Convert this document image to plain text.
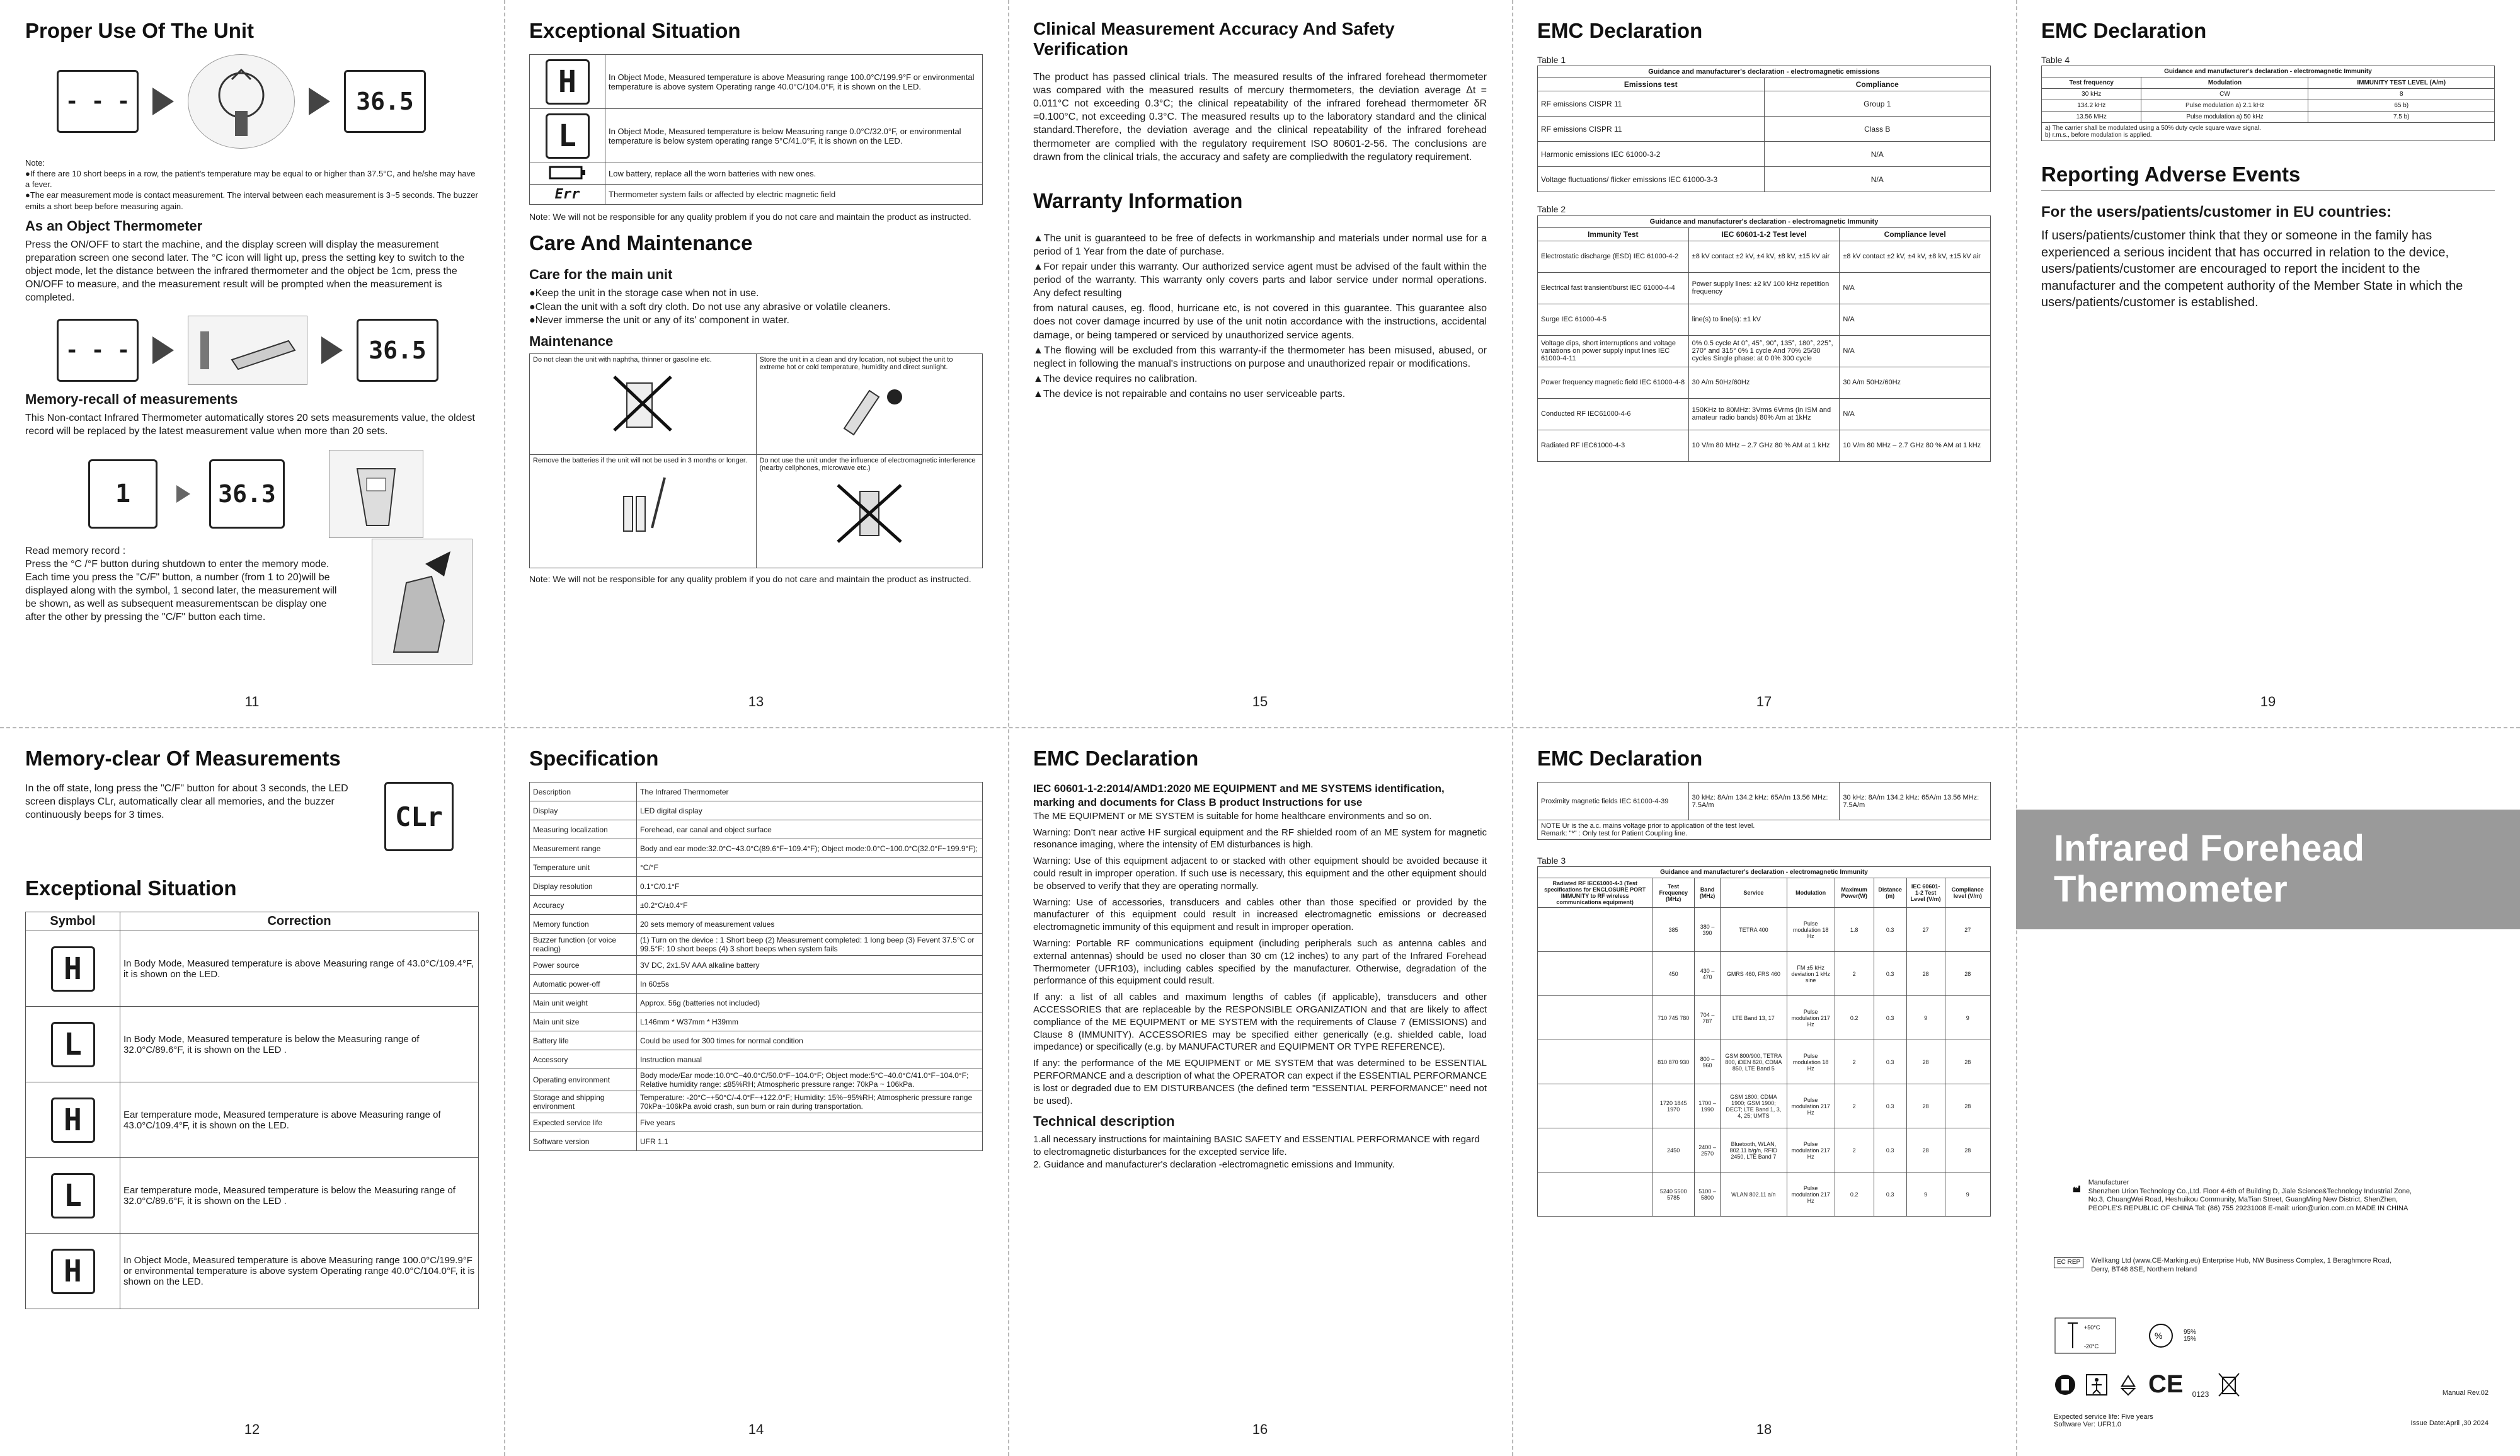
Proper Use Of The Unit
- - -	36.5

Note:

●If there are 10 short beeps in a row, the patient's temperature may be equal to or higher than 37.5°C, and he/she may have a fever.

●The ear measurement mode is contact measurement. The interval between each measurement is 3~5 seconds. The buzzer emits a short beep before measuring again.

As an Object Thermometer

Press the ON/OFF to start the machine, and the display screen will display the measurement preparation screen one second later. The °C icon will light up, press the setting key to switch to the object mode, let the distance between the infrared thermometer and the object be 1cm, press the ON/OFF to measure, and the measurement result will be prompted when the measurement is completed.

- - -	36.5
Memory-recall of measurements

This Non-contact Infrared Thermometer automatically stores 20 sets measurements value, the oldest record will be replaced by the latest measurement value when more than 20 sets.

1	36.3

Read memory record :

Press the °C /°F button during shutdown to enter the memory mode. Each time you press the "C/F" button, a number (from 1 to 20)will be displayed along with the symbol, 1 second later, the measurement will be shown, as well as subsequent measurementscan be display one after the other by pressing the "C/F" button each time.

11
Exceptional Situation
H	In Object Mode, Measured temperature is above Measuring range 100.0°C/199.9°F or environmental temperature is above system Operating range 40.0°C/104.0°F, it is shown on the LED.

L	In Object Mode, Measured temperature is below Measuring range 0.0°C/32.0°F, or environmental temperature is below system operating range 5°C/41.0°F, it is shown on the LED.
	Low battery, replace all the worn batteries with new ones.
Err	Thermometer system fails or affected by electric magnetic field

Note: We will not be responsible for any quality problem if you do not care and maintain the product as instructed.

Care And Maintenance
Care for the main unit

●Keep the unit in the storage case when not in use.

●Clean the unit with a soft dry cloth. Do not use any abrasive or volatile cleaners.

●Never immerse the unit or any of its' component in water.

Maintenance
Do not clean the unit with naphtha, thinner or gasoline etc.	Store the unit in a clean and dry location, not subject the unit to extreme hot or cold temperature, humidity and direct sunlight.

Remove the batteries if the unit will not be used in 3 months or longer.	Do not use the unit under the influence of electromagnetic interference (nearby cellphones, microwave etc.)

Note: We will not be responsible for any quality problem if you do not care and maintain the product as instructed.

13
Clinical Measurement Accuracy And Safety Verification

The product has passed clinical trials. The measured results of the infrared forehead thermometer was compared with the measured results of mercury thermometers, the deviation average Δt = 0.011°C not exceeding 0.3°C; the clinical repeatability of the infrared forehead thermometer δR =0.100°C, not exceeding 0.3°C. The measured results up to the laboratory standard and the clinical standard.Therefore, the deviation average and the clinical repeatability of the infrared forehead thermometer are complied with the regulatory requirement ISO 80601-2-56. The conclusions are drawn from the clinical trials, the accuracy and safety are compliedwith the regulatory requirement.

Warranty Information

▲The unit is guaranteed to be free of defects in workmanship and materials under normal use for a period of 1 Year from the date of purchase.

▲For repair under this warranty. Our authorized service agent must be advised of the fault within the period of the warranty. This warranty only covers parts and labor service under normal operations. Any defect resulting

from natural causes, eg. flood, hurricane etc, is not covered in this guarantee. This guarantee also does not cover damage incurred by use of the unit notin accordance with the instructions, accidental damage, or being tampered or serviced by unauthorized service agents.

▲The flowing will be excluded from this warranty-if the thermometer has been misused, abused, or neglect in following the manual's instructions on purpose and unauthorized repair or modifications.

▲The device requires no calibration.

▲The device is not repairable and contains no user serviceable parts.

15
EMC Declaration

Table 1

Guidance and manufacturer's declaration - electromagnetic emissions	
Emissions test	Compliance
RF emissions CISPR 11	Group 1
RF emissions CISPR 11	Class B
Harmonic emissions IEC 61000-3-2	N/A
Voltage fluctuations/ flicker emissions IEC 61000-3-3	N/A

Table 2

Guidance and manufacturer's declaration - electromagnetic Immunity		
Immunity Test	IEC 60601-1-2 Test level	Compliance level
Electrostatic discharge (ESD) IEC 61000-4-2	±8 kV contact ±2 kV, ±4 kV, ±8 kV, ±15 kV air	±8 kV contact ±2 kV, ±4 kV, ±8 kV, ±15 kV air
Electrical fast transient/burst IEC 61000-4-4	Power supply lines: ±2 kV 100 kHz repetition frequency	N/A
Surge IEC 61000-4-5	line(s) to line(s): ±1 kV	N/A
Voltage dips, short interruptions and voltage variations on power supply input lines IEC 61000-4-11	0% 0.5 cycle At 0°, 45°, 90°, 135°, 180°, 225°, 270° and 315° 0% 1 cycle And 70% 25/30 cycles Single phase: at 0 0% 300 cycle	N/A
Power frequency magnetic field IEC 61000-4-8	30 A/m 50Hz/60Hz	30 A/m 50Hz/60Hz
Conducted RF IEC61000-4-6	150KHz to 80MHz: 3Vrms 6Vrms (in ISM and amateur radio bands) 80% Am at 1kHz	N/A
Radiated RF IEC61000-4-3	10 V/m 80 MHz – 2.7 GHz 80 % AM at 1 kHz	10 V/m 80 MHz – 2.7 GHz 80 % AM at 1 kHz
17
EMC Declaration

Table 4

Guidance and manufacturer's declaration - electromagnetic Immunity		
Test frequency	Modulation	IMMUNITY TEST LEVEL (A/m)
30 kHz	CW	8
134.2 kHz	Pulse modulation a) 2.1 kHz	65 b)
13.56 MHz	Pulse modulation a) 50 kHz	7.5 b)

a) The carrier shall be modulated using a 50% duty cycle square wave signal.
b) r.m.s., before modulation is applied.		
Reporting Adverse Events
For the users/patients/customer in EU countries:

If users/patients/customer think that they or someone in the family has experienced a serious incident that has occurred in relation to the device, users/patients/customer are encouraged to report the incident to the manufacturer and the competent authority of the Member State in which the users/patients/customer is established.

19
Memory-clear Of Measurements

In the off state, long press the "C/F" button for about 3 seconds, the LED screen displays CLr, automatically clear all memories, and the buzzer continuously beeps for 3 times.	CLr
Exceptional Situation
Symbol	Correction

H	In Body Mode, Measured temperature is above Measuring range of 43.0°C/109.4°F, it is shown on the LED.

L	In Body Mode, Measured temperature is below the Measuring range of 32.0°C/89.6°F, it is shown on the LED .

H	Ear temperature mode, Measured temperature is above Measuring range of 43.0°C/109.4°F, it is shown on the LED.

L	Ear temperature mode, Measured temperature is below the Measuring range of 32.0°C/89.6°F, it is shown on the LED .

H	In Object Mode, Measured temperature is above Measuring range 100.0°C/199.9°F or environmental temperature is above system Operating range 40.0°C/104.0°F, it is shown on the LED.
12
Specification
Description	The Infrared Thermometer
Display	LED digital display
Measuring localization	Forehead, ear canal and object surface
Measurement range	Body and ear mode:32.0°C~43.0°C(89.6°F~109.4°F); Object mode:0.0°C~100.0°C(32.0°F~199.9°F);
Temperature unit	°C/°F
Display resolution	0.1°C/0.1°F
Accuracy	±0.2°C/±0.4°F
Memory function	20 sets memory of measurement values
Buzzer function (or voice reading)	(1) Turn on the device : 1 Short beep (2) Measurement completed: 1 long beep (3) Fevent 37.5°C or 99.5°F: 10 short beeps (4) 3 short beeps when system fails
Power source	3V DC, 2x1.5V AAA alkaline battery
Automatic power-off	In 60±5s
Main unit weight	Approx. 56g (batteries not included)
Main unit size	L146mm * W37mm * H39mm
Battery life	Could be used for 300 times for normal condition
Accessory	Instruction manual
Operating environment	Body mode/Ear mode:10.0°C~40.0°C/50.0°F~104.0°F; Object mode:5°C~40.0°C/41.0°F~104.0°F; Relative humidity range: ≤85%RH; Atmospheric pressure range: 70kPa ~ 106kPa.
Storage and shipping environment	Temperature: -20°C~+50°C/-4.0°F~+122.0°F; Humidity: 15%~95%RH; Atmospheric pressure range 70kPa~106kPa avoid crash, sun burn or rain during transportation.
Expected service life	Five years
Software version	UFR 1.1
14
EMC Declaration

IEC 60601-1-2:2014/AMD1:2020 ME EQUIPMENT and ME SYSTEMS identification, marking and documents for Class B product Instructions for use

The ME EQUIPMENT or ME SYSTEM is suitable for home healthcare environments and so on.

Warning: Don't near active HF surgical equipment and the RF shielded room of an ME system for magnetic resonance imaging, where the intensity of EM disturbances is high.

Warning: Use of this equipment adjacent to or stacked with other equipment should be avoided because it could result in improper operation. If such use is necessary, this equipment and the other equipment should be observed to verify that they are operating normally.

Warning: Use of accessories, transducers and cables other than those specified or provided by the manufacturer of this equipment could result in increased electromagnetic emissions or decreased electromagnetic immunity of this equipment and result in improper operation.

Warning: Portable RF communications equipment (including peripherals such as antenna cables and external antennas) should be used no closer than 30 cm (12 inches) to any part of the Infrared Forehead Thermometer (UFR103), including cables specified by the manufacturer. Otherwise, degradation of the performance of this equipment could result.

If any: a list of all cables and maximum lengths of cables (if applicable), transducers and other ACCESSORIES that are replaceable by the RESPONSIBLE ORGANIZATION and that are likely to affect compliance of the ME EQUIPMENT or ME SYSTEM with the requirements of Clause 7 (EMISSIONS) and Clause 8 (IMMUNITY). ACCESSORIES may be specified either generically (e.g. shielded cable, load impedance) or specifically (e.g. by MANUFACTURER and EQUIPMENT OR TYPE REFERENCE).

If any: the performance of the ME EQUIPMENT or ME SYSTEM that was determined to be ESSENTIAL PERFORMANCE and a description of what the OPERATOR can expect if the ESSENTIAL PERFORMANCE is lost or degraded due to EM DISTURBANCES (the defined term "ESSENTIAL PERFORMANCE" need not be used).

Technical description

1.all necessary instructions for maintaining BASIC SAFETY and ESSENTIAL PERFORMANCE with regard to electromagnetic disturbances for the excepted service life.

2. Guidance and manufacturer's declaration -electromagnetic emissions and Immunity.

16
EMC Declaration
Proximity magnetic fields IEC 61000-4-39	30 kHz: 8A/m 134.2 kHz: 65A/m 13.56 MHz: 7.5A/m	30 kHz: 8A/m 134.2 kHz: 65A/m 13.56 MHz: 7.5A/m

NOTE Ur is the a.c. mains voltage prior to application of the test level.
Remark: "*" : Only test for Patient Coupling line.

Table 3

Guidance and manufacturer's declaration - electromagnetic Immunity								
Radiated RF IEC61000-4-3 (Test specifications for ENCLOSURE PORT IMMUNITY to RF wireless communications equipment)	Test Frequency (MHz)	Band (MHz)	Service	Modulation	Maximum Power(W)	Distance (m)	IEC 60601-1-2 Test Level (V/m)	Compliance level (V/m)
	385	380 – 390	TETRA 400	Pulse modulation 18 Hz	1.8	0.3	27	27
	450	430 – 470	GMRS 460, FRS 460	FM ±5 kHz deviation 1 kHz sine	2	0.3	28	28
	710 745 780	704 – 787	LTE Band 13, 17	Pulse modulation 217 Hz	0.2	0.3	9	9
	810 870 930	800 – 960	GSM 800/900, TETRA 800, iDEN 820, CDMA 850, LTE Band 5	Pulse modulation 18 Hz	2	0.3	28	28
	1720 1845 1970	1700 – 1990	GSM 1800; CDMA 1900; GSM 1900; DECT; LTE Band 1, 3, 4, 25; UMTS	Pulse modulation 217 Hz	2	0.3	28	28
	2450	2400 – 2570	Bluetooth, WLAN, 802.11 b/g/n, RFID 2450, LTE Band 7	Pulse modulation 217 Hz	2	0.3	28	28
	5240 5500 5785	5100 – 5800	WLAN 802.11 a/n	Pulse modulation 217 Hz	0.2	0.3	9	9
18
Infrared Forehead
Thermometer

Manufacturer

Shenzhen Urion Technology Co.,Ltd. Floor 4-6th of Building D, Jiale Science&Technology Industrial Zone, No.3, ChuangWei Road, Heshuikou Community, MaTian Street, GuangMing New District, ShenZhen, PEOPLE'S REPUBLIC OF CHINA Tel: (86) 755 29231008 E-mail: urion@urion.com.cn MADE IN CHINA

EC REP	Wellkang Ltd (www.CE-Marking.eu) Enterprise Hub, NW Business Complex, 1 Beraghmore Road, Derry, BT48 8SE, Northern Ireland

+50°C
-20°C
%	95%
15%
CE 0123
Expected service life: Five years
Software Ver: UFR1.0
Manual Rev.02
Issue Date:April ,30 2024
